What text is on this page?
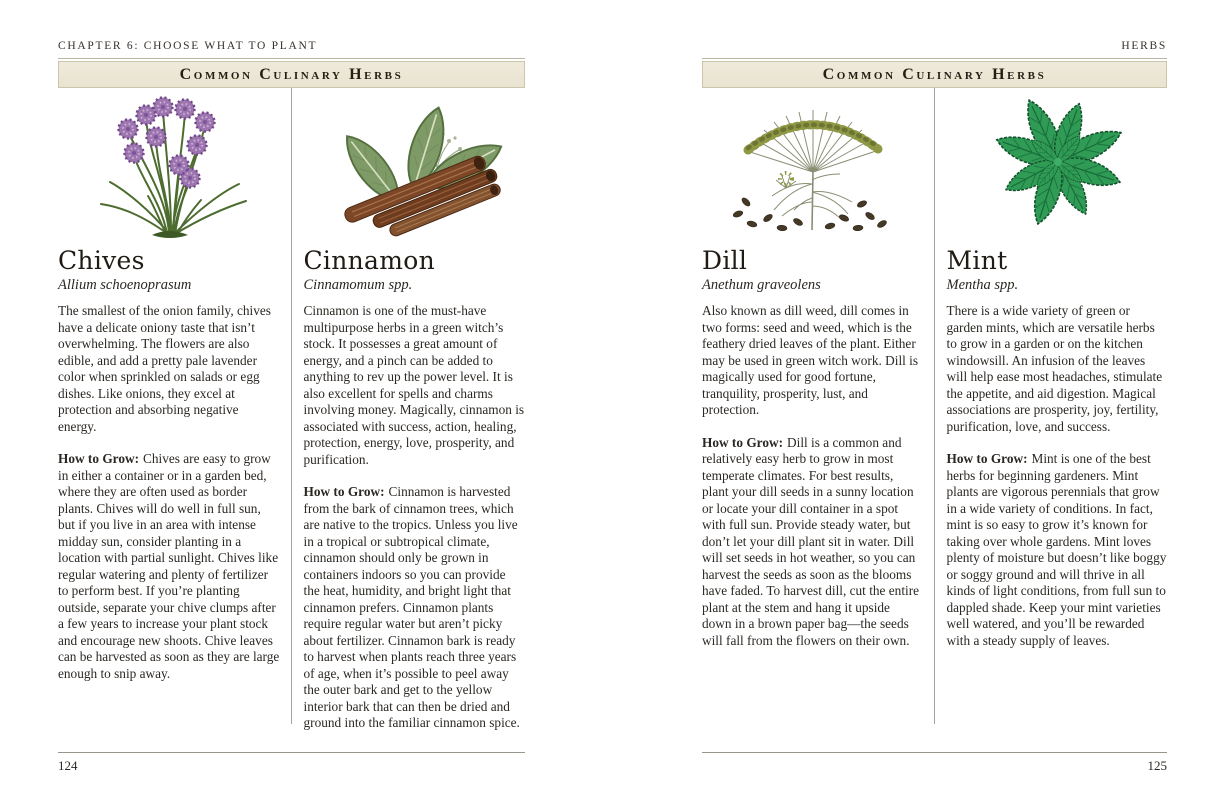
CHAPTER 6: CHOOSE WHAT TO PLANT
Common Culinary Herbs
Chives

Allium schoenoprasum

The smallest of the onion family, chives have a delicate oniony taste that isn’t overwhelming. The flowers are also edible, and add a pretty pale lavender color when sprinkled on salads or egg dishes. Like onions, they excel at protection and absorbing negative energy.

How to Grow: Chives are easy to grow in either a container or in a garden bed, where they are often used as border plants. Chives will do well in full sun, but if you live in an area with intense midday sun, consider planting in a location with partial sunlight. Chives like regular watering and plenty of fertilizer to perform best. If you’re planting outside, separate your chive clumps after a few years to increase your plant stock and encourage new shoots. Chive leaves can be harvested as soon as they are large enough to snip away.

Cinnamon

Cinnamomum spp.

Cinnamon is one of the must-have multipurpose herbs in a green witch’s stock. It possesses a great amount of energy, and a pinch can be added to anything to rev up the power level. It is also excellent for spells and charms involving money. Magically, cinnamon is associated with success, action, healing, protection, energy, love, prosperity, and purification.

How to Grow: Cinnamon is harvested from the bark of cinnamon trees, which are native to the tropics. Unless you live in a tropical or subtropical climate, cinnamon should only be grown in containers indoors so you can provide the heat, humidity, and bright light that cinnamon prefers. Cinnamon plants require regular water but aren’t picky about fertilizer. Cinnamon bark is ready to harvest when plants reach three years of age, when it’s possible to peel away the outer bark and get to the yellow interior bark that can then be dried and ground into the familiar cinnamon spice.

124
HERBS
Common Culinary Herbs
Dill

Anethum graveolens

Also known as dill weed, dill comes in two forms: seed and weed, which is the feathery dried leaves of the plant. Either may be used in green witch work. Dill is magically used for good fortune, tranquility, prosperity, lust, and protection.

How to Grow: Dill is a common and relatively easy herb to grow in most temperate climates. For best results, plant your dill seeds in a sunny location or locate your dill container in a spot with full sun. Provide steady water, but don’t let your dill plant sit in water. Dill will set seeds in hot weather, so you can harvest the seeds as soon as the blooms have faded. To harvest dill, cut the entire plant at the stem and hang it upside down in a brown paper bag—the seeds will fall from the flowers on their own.

Mint

Mentha spp.

There is a wide variety of green or garden mints, which are versatile herbs to grow in a garden or on the kitchen windowsill. An infusion of the leaves will help ease most headaches, stimulate the appetite, and aid digestion. Magical associations are prosperity, joy, fertility, purification, love, and success.

How to Grow: Mint is one of the best herbs for beginning gardeners. Mint plants are vigorous perennials that grow in a wide variety of conditions. In fact, mint is so easy to grow it’s known for taking over whole gardens. Mint loves plenty of moisture but doesn’t like boggy or soggy ground and will thrive in all kinds of light conditions, from full sun to dappled shade. Keep your mint varieties well watered, and you’ll be rewarded with a steady supply of leaves.

125
